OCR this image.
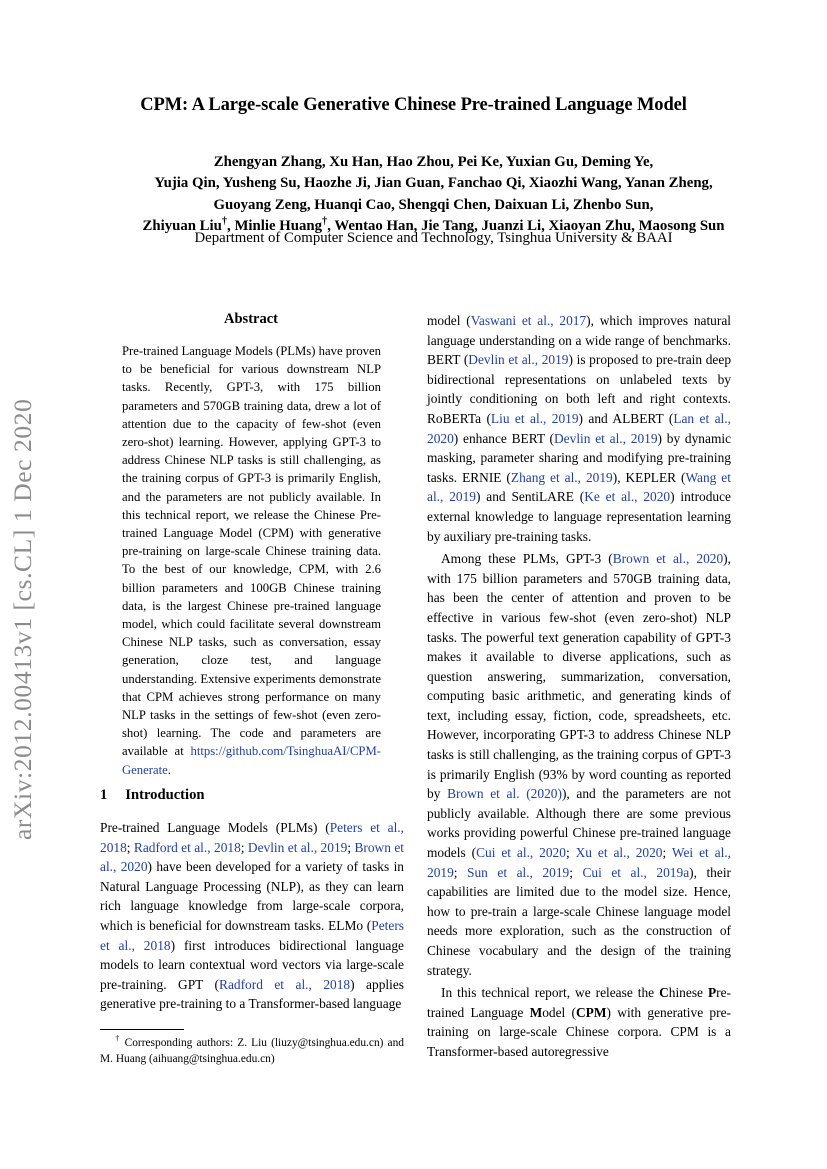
CPM: A Large-scale Generative Chinese Pre-trained Language Model
Zhengyan Zhang, Xu Han, Hao Zhou, Pei Ke, Yuxian Gu, Deming Ye,
Yujia Qin, Yusheng Su, Haozhe Ji, Jian Guan, Fanchao Qi, Xiaozhi Wang, Yanan Zheng,
Guoyang Zeng, Huanqi Cao, Shengqi Chen, Daixuan Li, Zhenbo Sun,
Zhiyuan Liu†, Minlie Huang†, Wentao Han, Jie Tang, Juanzi Li, Xiaoyan Zhu, Maosong Sun
Department of Computer Science and Technology, Tsinghua University & BAAI
arXiv:2012.00413v1 [cs.CL] 1 Dec 2020
Abstract
Pre-trained Language Models (PLMs) have proven to be beneficial for various downstream NLP tasks. Recently, GPT-3, with 175 billion parameters and 570GB training data, drew a lot of attention due to the capacity of few-shot (even zero-shot) learning. However, applying GPT-3 to address Chinese NLP tasks is still challenging, as the training corpus of GPT-3 is primarily English, and the parameters are not publicly available. In this technical report, we release the Chinese Pre-trained Language Model (CPM) with generative pre-training on large-scale Chinese training data. To the best of our knowledge, CPM, with 2.6 billion parameters and 100GB Chinese training data, is the largest Chinese pre-trained language model, which could facilitate several downstream Chinese NLP tasks, such as conversation, essay generation, cloze test, and language understanding. Extensive experiments demonstrate that CPM achieves strong performance on many NLP tasks in the settings of few-shot (even zero-shot) learning. The code and parameters are available at https://github.com/TsinghuaAI/CPM-Generate.
1 Introduction

Pre-trained Language Models (PLMs) (Peters et al., 2018; Radford et al., 2018; Devlin et al., 2019; Brown et al., 2020) have been developed for a variety of tasks in Natural Language Processing (NLP), as they can learn rich language knowledge from large-scale corpora, which is beneficial for downstream tasks. ELMo (Peters et al., 2018) first introduces bidirectional language models to learn contextual word vectors via large-scale pre-training. GPT (Radford et al., 2018) applies generative pre-training to a Transformer-based language

model (Vaswani et al., 2017), which improves natural language understanding on a wide range of benchmarks. BERT (Devlin et al., 2019) is proposed to pre-train deep bidirectional representations on unlabeled texts by jointly conditioning on both left and right contexts. RoBERTa (Liu et al., 2019) and ALBERT (Lan et al., 2020) enhance BERT (Devlin et al., 2019) by dynamic masking, parameter sharing and modifying pre-training tasks. ERNIE (Zhang et al., 2019), KEPLER (Wang et al., 2019) and SentiLARE (Ke et al., 2020) introduce external knowledge to language representation learning by auxiliary pre-training tasks.

Among these PLMs, GPT-3 (Brown et al., 2020), with 175 billion parameters and 570GB training data, has been the center of attention and proven to be effective in various few-shot (even zero-shot) NLP tasks. The powerful text generation capability of GPT-3 makes it available to diverse applications, such as question answering, summarization, conversation, computing basic arithmetic, and generating kinds of text, including essay, fiction, code, spreadsheets, etc. However, incorporating GPT-3 to address Chinese NLP tasks is still challenging, as the training corpus of GPT-3 is primarily English (93% by word counting as reported by Brown et al. (2020)), and the parameters are not publicly available. Although there are some previous works providing powerful Chinese pre-trained language models (Cui et al., 2020; Xu et al., 2020; Wei et al., 2019; Sun et al., 2019; Cui et al., 2019a), their capabilities are limited due to the model size. Hence, how to pre-train a large-scale Chinese language model needs more exploration, such as the construction of Chinese vocabulary and the design of the training strategy.

In this technical report, we release the Chinese Pre-trained Language Model (CPM) with generative pre-training on large-scale Chinese corpora. CPM is a Transformer-based autoregressive

† Corresponding authors: Z. Liu (liuzy@tsinghua.edu.cn) and M. Huang (aihuang@tsinghua.edu.cn)
